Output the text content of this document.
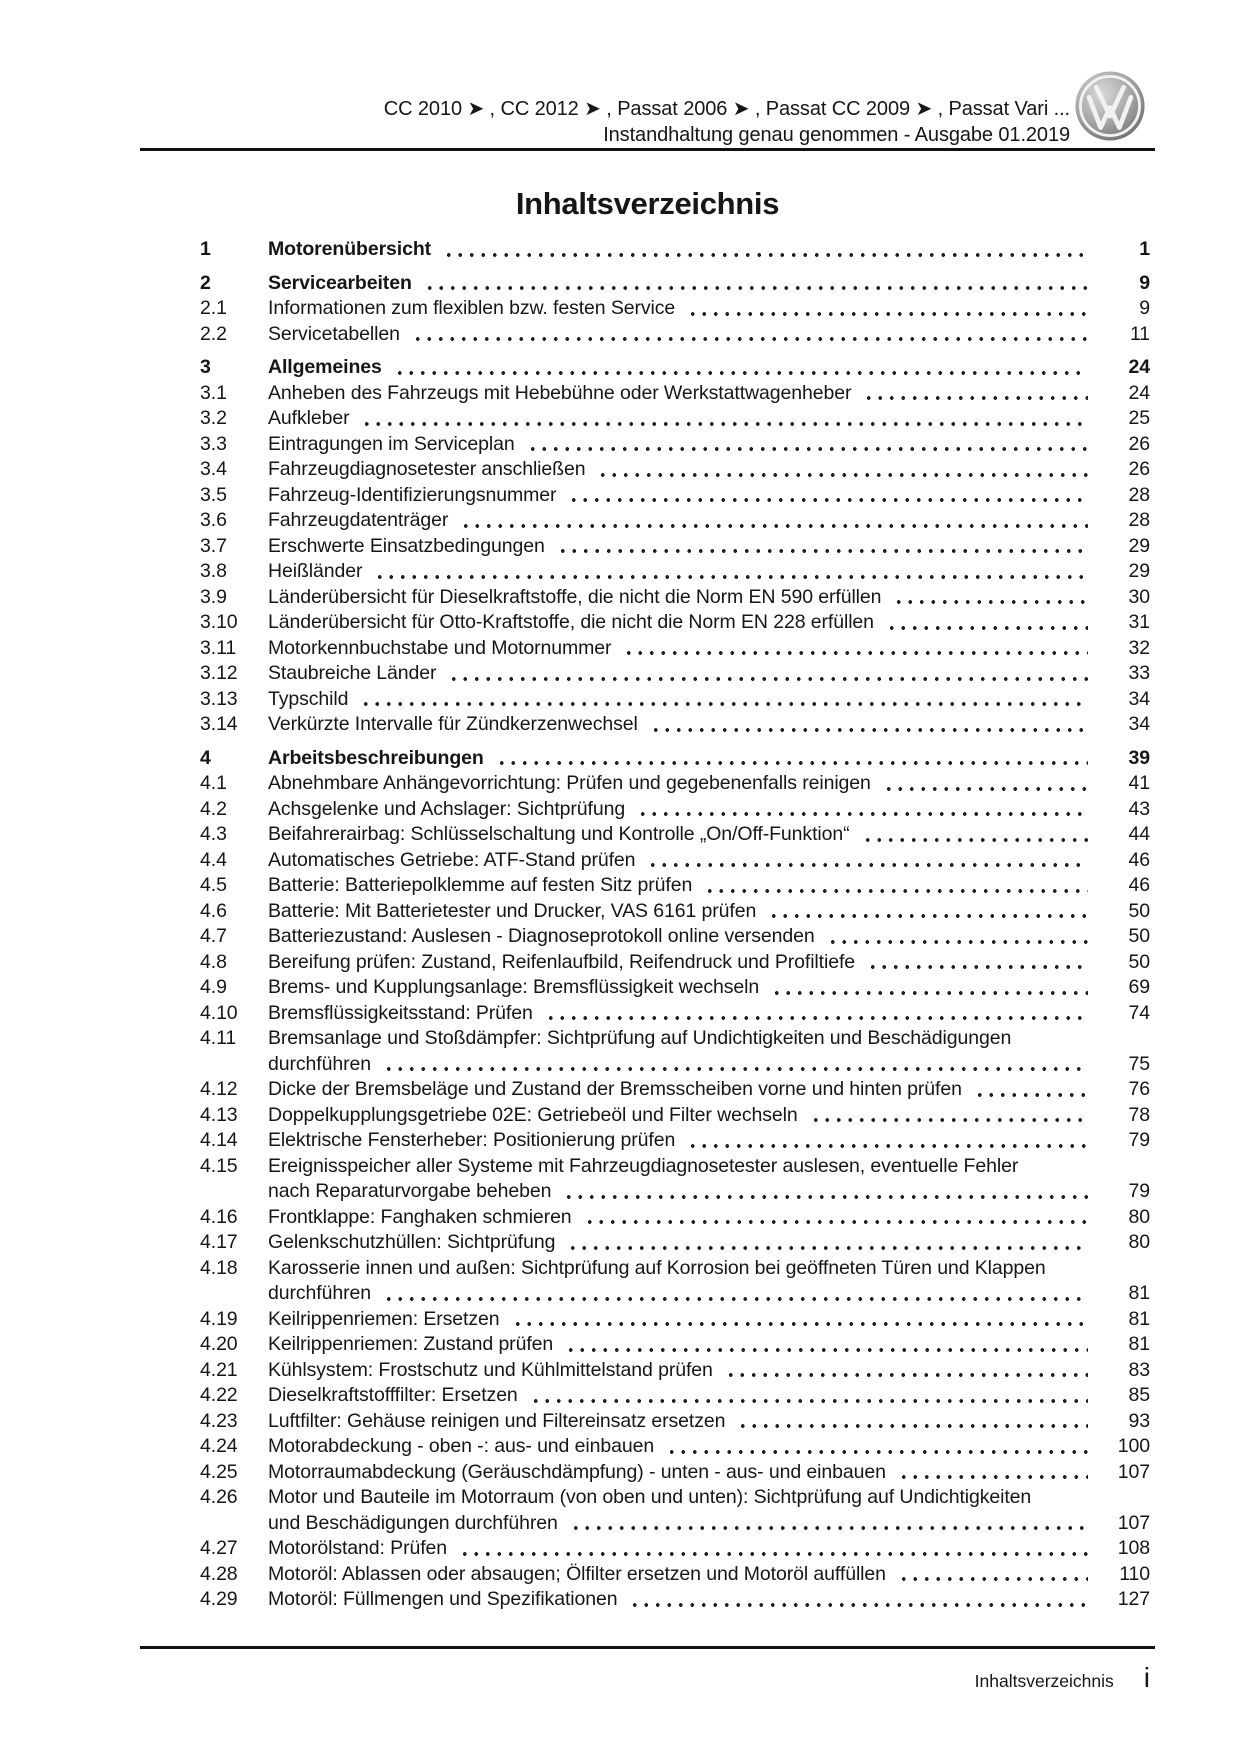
CC 2010 ➤ , CC 2012 ➤ , Passat 2006 ➤ , Passat CC 2009 ➤ , Passat Vari ...
Instandhaltung genau genommen - Ausgabe 01.2019
Inhaltsverzeichnis
1	Motorenübersicht	1
2	Servicearbeiten	9
2.1	Informationen zum flexiblen bzw. festen Service	9
2.2	Servicetabellen	11
3	Allgemeines	24
3.1	Anheben des Fahrzeugs mit Hebebühne oder Werkstattwagenheber	24
3.2	Aufkleber	25
3.3	Eintragungen im Serviceplan	26
3.4	Fahrzeugdiagnosetester anschließen	26
3.5	Fahrzeug-Identifizierungsnummer	28
3.6	Fahrzeugdatenträger	28
3.7	Erschwerte Einsatzbedingungen	29
3.8	Heißländer	29
3.9	Länderübersicht für Dieselkraftstoffe, die nicht die Norm EN 590 erfüllen	30
3.10	Länderübersicht für Otto-Kraftstoffe, die nicht die Norm EN 228 erfüllen	31
3.11	Motorkennbuchstabe und Motornummer	32
3.12	Staubreiche Länder	33
3.13	Typschild	34
3.14	Verkürzte Intervalle für Zündkerzenwechsel	34
4	Arbeitsbeschreibungen	39
4.1	Abnehmbare Anhängevorrichtung: Prüfen und gegebenenfalls reinigen	41
4.2	Achsgelenke und Achslager: Sichtprüfung	43
4.3	Beifahrerairbag: Schlüsselschaltung und Kontrolle „On/Off-Funktion“	44
4.4	Automatisches Getriebe: ATF-Stand prüfen	46
4.5	Batterie: Batteriepolklemme auf festen Sitz prüfen	46
4.6	Batterie: Mit Batterietester und Drucker, VAS 6161 prüfen	50
4.7	Batteriezustand: Auslesen - Diagnoseprotokoll online versenden	50
4.8	Bereifung prüfen: Zustand, Reifenlaufbild, Reifendruck und Profiltiefe	50
4.9	Brems- und Kupplungsanlage: Bremsflüssigkeit wechseln	69
4.10	Bremsflüssigkeitsstand: Prüfen	74
4.11	Bremsanlage und Stoßdämpfer: Sichtprüfung auf Undichtigkeiten und Beschädigungen
durchführen	75
4.12	Dicke der Bremsbeläge und Zustand der Bremsscheiben vorne und hinten prüfen	76
4.13	Doppelkupplungsgetriebe 02E: Getriebeöl und Filter wechseln	78
4.14	Elektrische Fensterheber: Positionierung prüfen	79
4.15	Ereignisspeicher aller Systeme mit Fahrzeugdiagnosetester auslesen, eventuelle Fehler
nach Reparaturvorgabe beheben	79
4.16	Frontklappe: Fanghaken schmieren	80
4.17	Gelenkschutzhüllen: Sichtprüfung	80
4.18	Karosserie innen und außen: Sichtprüfung auf Korrosion bei geöffneten Türen und Klappen
durchführen	81
4.19	Keilrippenriemen: Ersetzen	81
4.20	Keilrippenriemen: Zustand prüfen	81
4.21	Kühlsystem: Frostschutz und Kühlmittelstand prüfen	83
4.22	Dieselkraftstofffilter: Ersetzen	85
4.23	Luftfilter: Gehäuse reinigen und Filtereinsatz ersetzen	93
4.24	Motorabdeckung - oben -: aus- und einbauen	100
4.25	Motorraumabdeckung (Geräuschdämpfung) - unten - aus- und einbauen	107
4.26	Motor und Bauteile im Motorraum (von oben und unten): Sichtprüfung auf Undichtigkeiten
und Beschädigungen durchführen	107
4.27	Motorölstand: Prüfen	108
4.28	Motoröl: Ablassen oder absaugen; Ölfilter ersetzen und Motoröl auffüllen	110
4.29	Motoröl: Füllmengen und Spezifikationen	127
Inhaltsverzeichnis i
